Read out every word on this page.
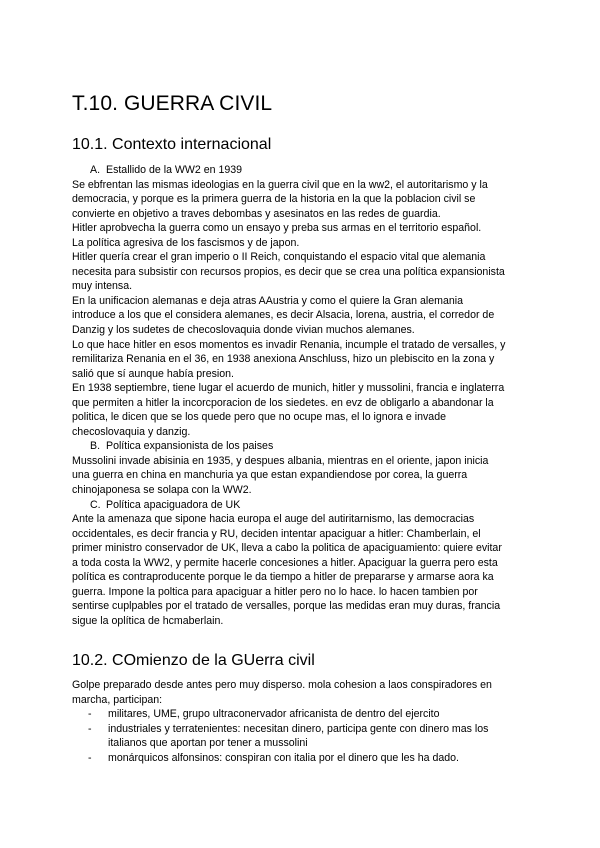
T.10. GUERRA CIVIL
10.1. Contexto internacional
A. Estallido de la WW2 en 1939
Se ebfrentan las mismas ideologias en la guerra civil que en la ww2, el autoritarismo y la
democracia, y porque es la primera guerra de la historia en la que la poblacion civil se
convierte en objetivo a traves debombas y asesinatos en las redes de guardia.
Hitler aprobvecha la guerra como un ensayo y preba sus armas en el territorio español.
La política agresiva de los fascismos y de japon.
Hitler quería crear el gran imperio o II Reich, conquistando el espacio vital que alemania
necesita para subsistir con recursos propios, es decir que se crea una política expansionista
muy intensa.
En la unificacion alemanas e deja atras AAustria y como el quiere la Gran alemania
introduce a los que el considera alemanes, es decir Alsacia, lorena, austria, el corredor de
Danzig y los sudetes de checoslovaquia donde vivian muchos alemanes.
Lo que hace hitler en esos momentos es invadir Renania, incumple el tratado de versalles, y
remilitariza Renania en el 36, en 1938 anexiona Anschluss, hizo un plebiscito en la zona y
salió que sí aunque había presion.
En 1938 septiembre, tiene lugar el acuerdo de munich, hitler y mussolini, francia e inglaterra
que permiten a hitler la incorcporacion de los siedetes. en evz de obligarlo a abandonar la
politica, le dicen que se los quede pero que no ocupe mas, el lo ignora e invade
checoslovaquia y danzig.
B. Política expansionista de los paises
Mussolini invade abisinia en 1935, y despues albania, mientras en el oriente, japon inicia
una guerra en china en manchuria ya que estan expandiendose por corea, la guerra
chinojaponesa se solapa con la WW2.
C. Política apaciguadora de UK
Ante la amenaza que sipone hacia europa el auge del autiritarnismo, las democracias
occidentales, es decir francia y RU, deciden intentar apaciguar a hitler: Chamberlain, el
primer ministro conservador de UK, lleva a cabo la politica de apaciguamiento: quiere evitar
a toda costa la WW2, y permite hacerle concesiones a hitler. Apaciguar la guerra pero esta
política es contraproducente porque le da tiempo a hitler de prepararse y armarse aora ka
guerra. Impone la poltica para apaciguar a hitler pero no lo hace. lo hacen tambien por
sentirse cuplpables por el tratado de versalles, porque las medidas eran muy duras, francia
sigue la oplítica de hcmaberlain.
10.2. COmienzo de la GUerra civil
Golpe preparado desde antes pero muy disperso. mola cohesion a laos conspiradores en
marcha, participan:
- militares, UME, grupo ultraconervador africanista de dentro del ejercito
- industriales y terratenientes: necesitan dinero, participa gente con dinero mas los
italianos que aportan por tener a mussolini
- monárquicos alfonsinos: conspiran con italia por el dinero que les ha dado.
